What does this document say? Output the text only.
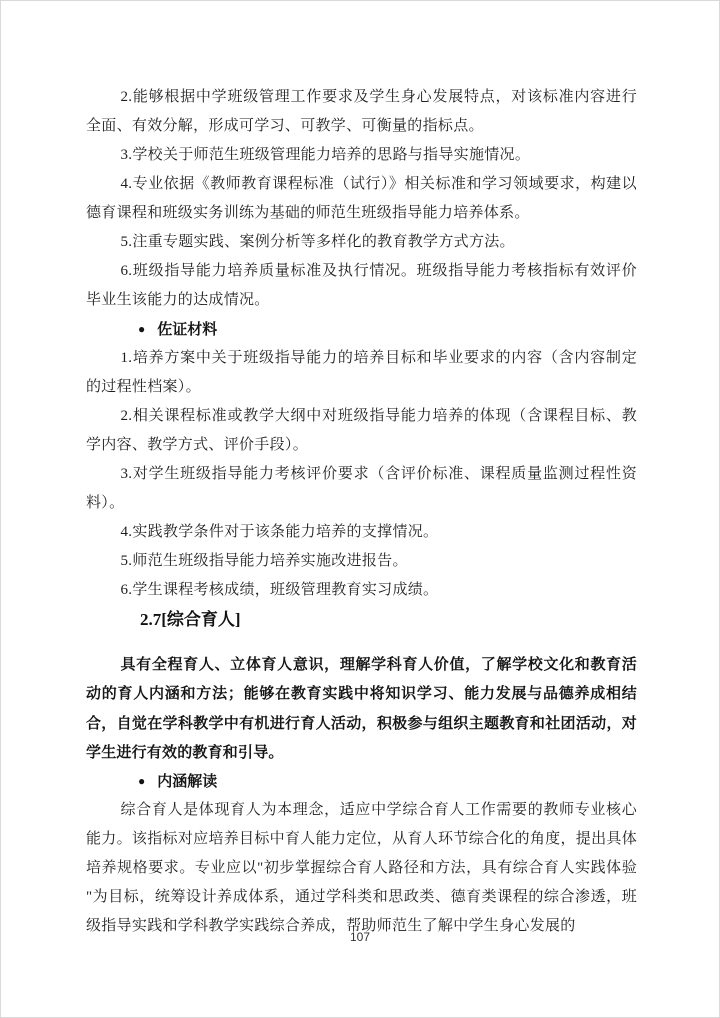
2.能够根据中学班级管理工作要求及学生身心发展特点，对该标准内容进行全面、有效分解，形成可学习、可教学、可衡量的指标点。

3.学校关于师范生班级管理能力培养的思路与指导实施情况。

4.专业依据《教师教育课程标准（试行）》相关标准和学习领域要求，构建以德育课程和班级实务训练为基础的师范生班级指导能力培养体系。

5.注重专题实践、案例分析等多样化的教育教学方式方法。

6.班级指导能力培养质量标准及执行情况。班级指导能力考核指标有效评价毕业生该能力的达成情况。

● 佐证材料

1.培养方案中关于班级指导能力的培养目标和毕业要求的内容（含内容制定的过程性档案）。

2.相关课程标准或教学大纲中对班级指导能力培养的体现（含课程目标、教学内容、教学方式、评价手段）。

3.对学生班级指导能力考核评价要求（含评价标准、课程质量监测过程性资料）。

4.实践教学条件对于该条能力培养的支撑情况。

5.师范生班级指导能力培养实施改进报告。

6.学生课程考核成绩，班级管理教育实习成绩。

2.7[综合育人]

具有全程育人、立体育人意识，理解学科育人价值，了解学校文化和教育活动的育人内涵和方法；能够在教育实践中将知识学习、能力发展与品德养成相结合，自觉在学科教学中有机进行育人活动，积极参与组织主题教育和社团活动，对学生进行有效的教育和引导。

● 内涵解读

综合育人是体现育人为本理念，适应中学综合育人工作需要的教师专业核心能力。该指标对应培养目标中育人能力定位，从育人环节综合化的角度，提出具体培养规格要求。专业应以"初步掌握综合育人路径和方法，具有综合育人实践体验 "为目标，统筹设计养成体系，通过学科类和思政类、德育类课程的综合渗透，班级指导实践和学科教学实践综合养成，帮助师范生了解中学生身心发展的

107
